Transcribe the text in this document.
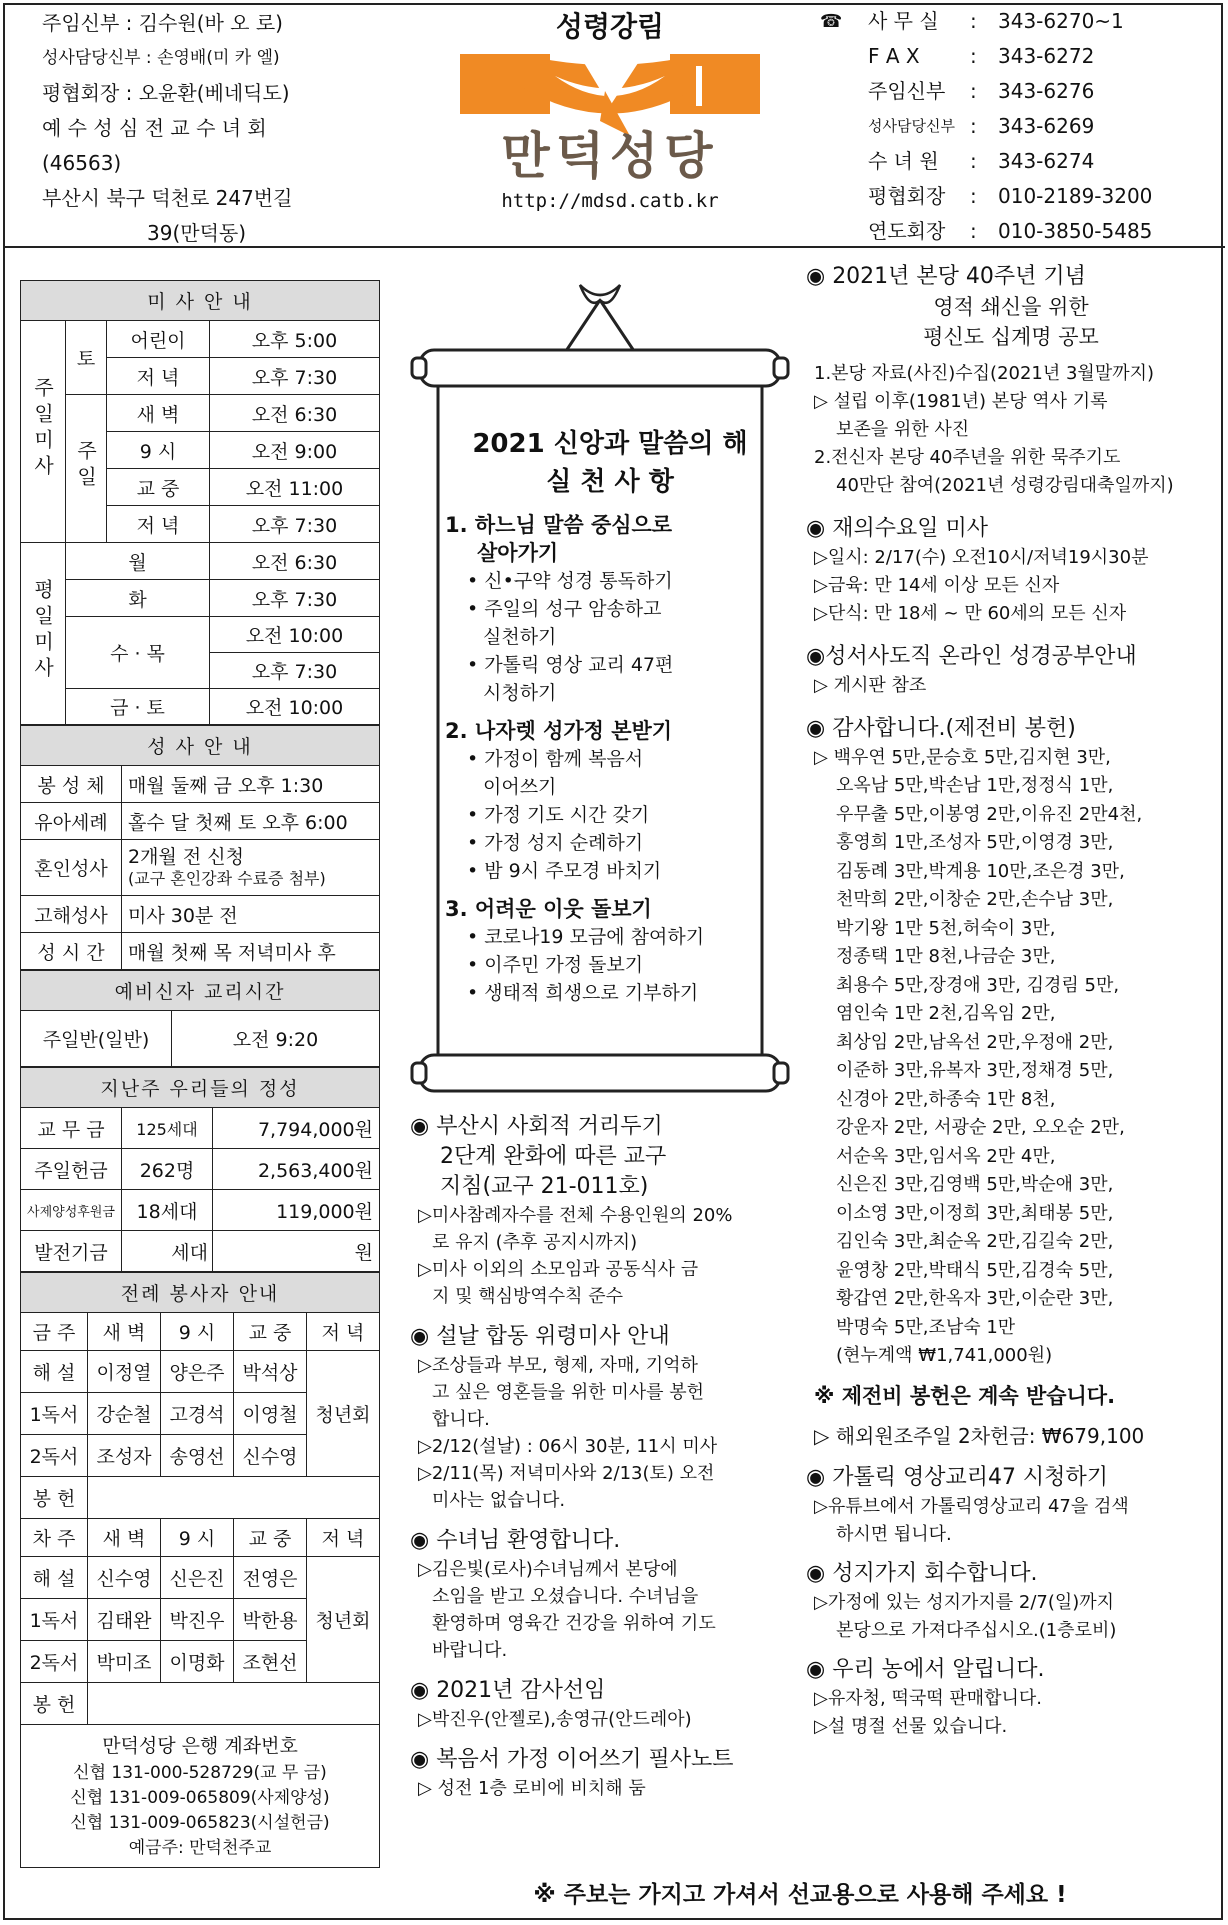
주임신부 : 김수원(바 오 로)
성사담당신부 : 손영배(미 카 엘)
평협회장 : 오윤환(베네딕도)
예 수 성 심 전 교 수 녀 회
(46563)
부산시 북구 덕천로 247번길
39(만덕동)
성령강림
만덕성당
http://mdsd.catb.kr
☎ 사 무 실 : 343-6270~1
F A X	: 343-6272
주임신부 : 343-6276
성사담당신부 : 343-6269
수 녀 원 : 343-6274
평협회장 : 010-2189-3200
연도회장 : 010-3850-5485
미 사 안 내			
주일미사	토	어린이	오후 5:00
		저 녁	오후 7:30
	주일	새 벽	오전 6:30
		9 시	오전 9:00
		교 중	오전 11:00
		저 녁	오후 7:30
평일미사	월		오전 6:30
	화		오후 7:30
	수 · 목		오전 10:00
			오후 7:30
	금 · 토		오전 10:00
성 사 안 내	
봉 성 체	매월 둘째 금 오후 1:30
유아세례	홀수 달 첫째 토 오후 6:00
혼인성사	2개월 전 신청
(교구 혼인강좌 수료증 첨부)

고해성사	미사 30분 전
성 시 간	매월 첫째 목 저녁미사 후
예비신자 교리시간
주일반(일반)	오전 9:20
지난주 우리들의 정성		
교 무 금	125세대	7,794,000원
주일헌금	262명	2,563,400원
사제양성후원금	18세대	119,000원
발전기금	세대	원
전례 봉사자 안내				
금 주	새 벽	9 시	교 중	저 녁
해 설	이정열	양은주	박석상	청년회
1독서	강순철	고경석	이영철	
2독서	조성자	송영선	신수영	
봉 헌				
차 주	새 벽	9 시	교 중	저 녁
해 설	신수영	신은진	전영은	청년회
1독서	김태완	박진우	박한용	
2독서	박미조	이명화	조현선	
봉 헌				
만덕성당 은행 계좌번호
신협 131-000-528729(교 무 금)
신협 131-009-065809(사제양성)
신협 131-009-065823(시설헌금)
예금주: 만덕천주교
2021 신앙과 말씀의 해
실 천 사 항
1. 하느님 말씀 중심으로
살아가기
• 신•구약 성경 통독하기
• 주일의 성구 암송하고
실천하기
• 가톨릭 영상 교리 47편
시청하기
2. 나자렛 성가정 본받기
• 가정이 함께 복음서
이어쓰기
• 가정 기도 시간 갖기
• 가정 성지 순례하기
• 밤 9시 주모경 바치기
3. 어려운 이웃 돌보기
• 코로나19 모금에 참여하기
• 이주민 가정 돌보기
• 생태적 희생으로 기부하기
◉ 부산시 사회적 거리두기
2단계 완화에 따른 교구
지침(교구 21-011호)
▷미사참례자수를 전체 수용인원의 20%
로 유지 (추후 공지시까지)
▷미사 이외의 소모임과 공동식사 금
지 및 핵심방역수칙 준수
◉ 설날 합동 위령미사 안내
▷조상들과 부모, 형제, 자매, 기억하
고 싶은 영혼들을 위한 미사를 봉헌
합니다.
▷2/12(설날) : 06시 30분, 11시 미사
▷2/11(목) 저녁미사와 2/13(토) 오전
미사는 없습니다.
◉ 수녀님 환영합니다.
▷김은빛(로사)수녀님께서 본당에
소임을 받고 오셨습니다. 수녀님을
환영하며 영육간 건강을 위하여 기도
바랍니다.
◉ 2021년 감사선임
▷박진우(안젤로),송영규(안드레아)
◉ 복음서 가정 이어쓰기 필사노트
▷ 성전 1층 로비에 비치해 둠
◉ 2021년 본당 40주년 기념
영적 쇄신을 위한
평신도 십계명 공모
1.본당 자료(사진)수집(2021년 3월말까지)
▷ 설립 이후(1981년) 본당 역사 기록
보존을 위한 사진
2.전신자 본당 40주년을 위한 묵주기도
40만단 참여(2021년 성령강림대축일까지)
◉ 재의수요일 미사
▷일시: 2/17(수) 오전10시/저녁19시30분
▷금육: 만 14세 이상 모든 신자
▷단식: 만 18세 ~ 만 60세의 모든 신자
◉성서사도직 온라인 성경공부안내
▷ 게시판 참조
◉ 감사합니다.(제전비 봉헌)
▷ 백우연 5만,문승호 5만,김지현 3만,
오옥남 5만,박손남 1만,정정식 1만,
우무출 5만,이봉영 2만,이유진 2만4천,
홍영희 1만,조성자 5만,이영경 3만,
김동례 3만,박계용 10만,조은경 3만,
천막희 2만,이창순 2만,손수남 3만,
박기왕 1만 5천,허숙이 3만,
정종택 1만 8천,나금순 3만,
최용수 5만,장경애 3만, 김경림 5만,
염인숙 1만 2천,김옥임 2만,
최상임 2만,남옥선 2만,우정애 2만,
이준하 3만,유복자 3만,정채경 5만,
신경아 2만,하종숙 1만 8천,
강운자 2만, 서광순 2만, 오오순 2만,
서순옥 3만,임서옥 2만 4만,
신은진 3만,김영백 5만,박순애 3만,
이소영 3만,이정희 3만,최태봉 5만,
김인숙 3만,최순옥 2만,김길숙 2만,
윤영창 2만,박태식 5만,김경숙 5만,
황갑연 2만,한옥자 3만,이순란 3만,
박명숙 5만,조남숙 1만
(현누계액 ₩1,741,000원)
※ 제전비 봉헌은 계속 받습니다.
▷ 해외원조주일 2차헌금: ₩679,100
◉ 가톨릭 영상교리47 시청하기
▷유튜브에서 가톨릭영상교리 47을 검색
하시면 됩니다.
◉ 성지가지 회수합니다.
▷가정에 있는 성지가지를 2/7(일)까지
본당으로 가져다주십시오.(1층로비)
◉ 우리 농에서 알립니다.
▷유자청, 떡국떡 판매합니다.
▷설 명절 선물 있습니다.
※ 주보는 가지고 가셔서 선교용으로 사용해 주세요 !
